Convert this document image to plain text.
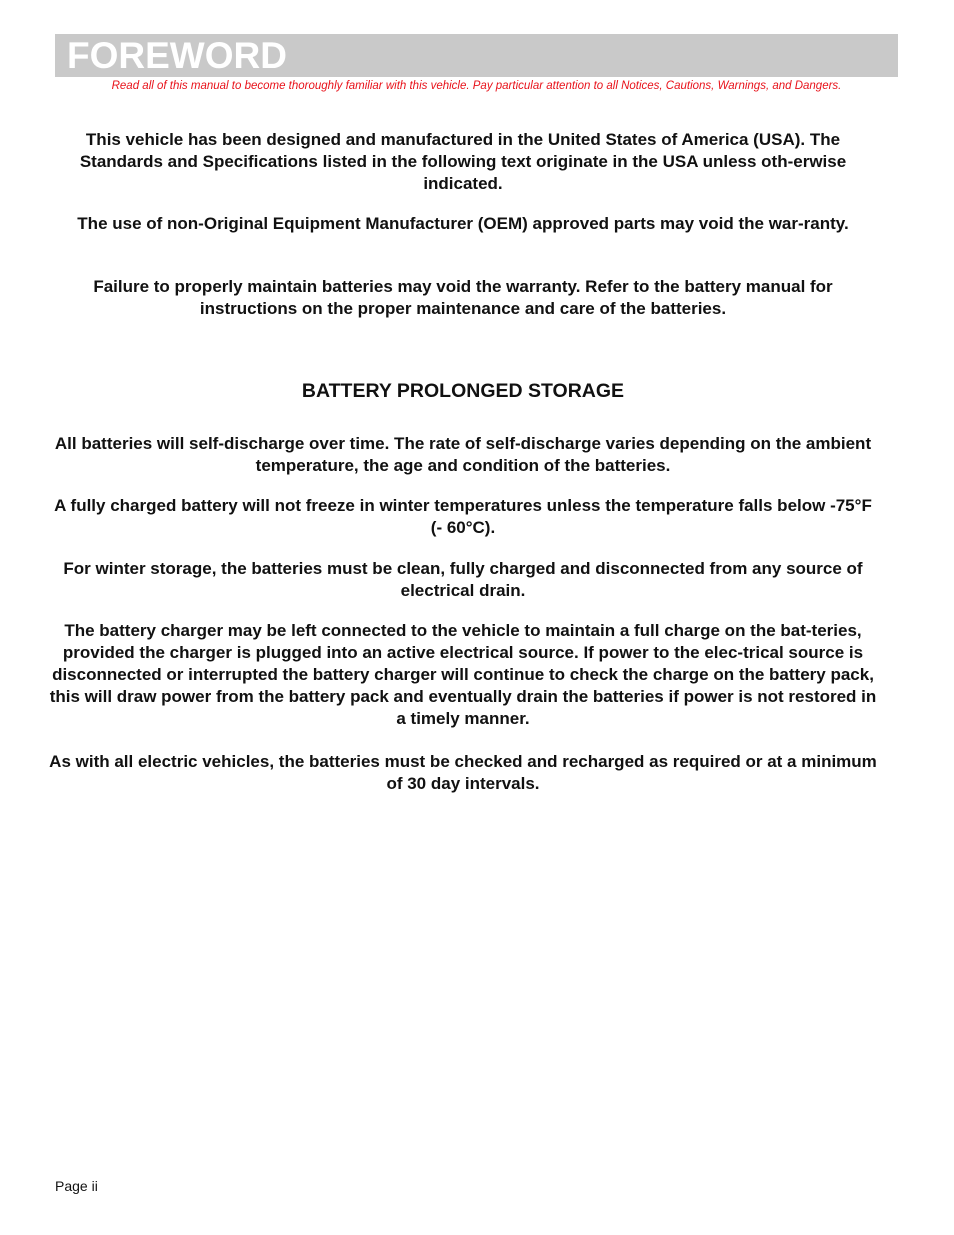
FOREWORD
Read all of this manual to become thoroughly familiar with this vehicle. Pay particular attention to all Notices, Cautions, Warnings, and Dangers.
This vehicle has been designed and manufactured in the United States of America (USA). The Standards and Specifications listed in the following text originate in the USA unless oth-erwise indicated.
The use of non-Original Equipment Manufacturer (OEM) approved parts may void the war-ranty.
Failure to properly maintain batteries may void the warranty. Refer to the battery manual for instructions on the proper maintenance and care of the batteries.
BATTERY PROLONGED STORAGE
All batteries will self-discharge over time. The rate of self-discharge varies depending on the ambient temperature, the age and condition of the batteries.
A fully charged battery will not freeze in winter temperatures unless the temperature falls below -75°F (- 60°C).
For winter storage, the batteries must be clean, fully charged and disconnected from any source of electrical drain.
The battery charger may be left connected to the vehicle to maintain a full charge on the bat-teries, provided the charger is plugged into an active electrical source. If power to the elec-trical source is disconnected or interrupted the battery charger will continue to check the charge on the battery pack, this will draw power from the battery pack and eventually drain the batteries if power is not restored in a timely manner.
As with all electric vehicles, the batteries must be checked and recharged as required or at a minimum of 30 day intervals.
Page ii
